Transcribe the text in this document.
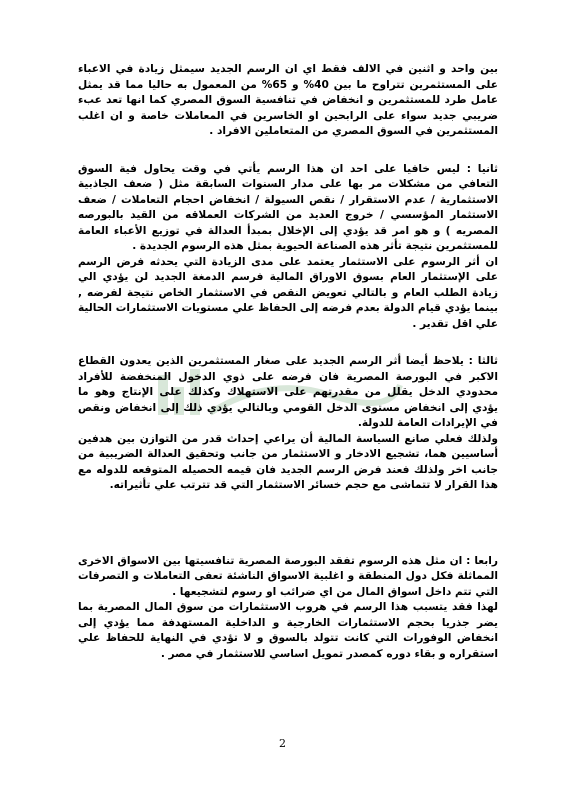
بين واحد و اثنين في الالف فقط اي ان الرسم الجديد سيمثل زيادة في الاعباء على المستثمرين تتراوح ما بين 40% و 65% من المعمول به حاليا مما قد يمثل عامل طرد للمستثمرين و انخفاض في تنافسية السوق المصري كما انها تعد عبء ضريبي جديد سواء على الرابحين او الخاسرين في المعاملات خاصة و ان اغلب المستثمرين في السوق المصري من المتعاملين الافراد .

ثانيا : ليس خافيا على احد ان هذا الرسم يأتي في وقت يحاول فية السوق التعافي من مشكلات مر بها على مدار السنوات السابقة مثل ( ضعف الجاذبية الاستثمارية / عدم الاستقرار / نقص السيولة / انخفاض احجام التعاملات / ضعف الاستثمار المؤسسي / خروج العديد من الشركات العملاقه من القيد بالبورصه المصريه ) و هو امر قد يؤدي إلى الإخلال بمبدأ العدالة في توزيع الأعباء العامة للمستثمرين نتيجة تأثر هذه الصناعة الحيوية بمثل هذه الرسوم الجديدة .

ان أثر الرسوم على الاستثمار يعتمد على مدى الزيادة التي يحدثه فرض الرسم على الإستثمار العام بسوق الاوراق المالية فرسم الدمغة الجديد لن يؤدي الي زيادة الطلب العام و بالتالي تعويض النقص في الاستثمار الخاص نتيجة لفرضه , بينما يؤدي قيام الدولة بعدم فرضه إلى الحفاظ علي مستويات الاستثمارات الحالية علي اقل تقدير .

ثالثا : يلاحظ أيضا أثر الرسم الجديد على صغار المستثمرين الذين يعدون القطاع الاكبر في البورصة المصرية فان فرضه على ذوي الدخول المنخفضة للأفراد محدودي الدخل يقلل من مقدرتهم على الاستهلاك وكذلك على الإنتاج وهو ما يؤدي إلى انخفاض مستوى الدخل القومي وبالتالي يؤدي ذلك إلى انخفاض ونقص في الإيرادات العامة للدولة.

ولذلك فعلي صانع السياسة المالية أن يراعي إحداث قدر من التوازن بين هدفين أساسيين هما، تشجيع الادخار و الاستثمار من جانب وتحقيق العدالة الضريبية من جانب اخر ولذلك فعند فرض الرسم الجديد فان قيمه الحصيله المتوقعه للدوله مع هذا القرار لا تتماشى مع حجم خسائر الاستثمار التي قد تترتب علي تأثيراته.

رابعا : ان مثل هذه الرسوم تفقد البورصة المصرية تنافسيتها بين الاسواق الاخرى المماثلة فكل دول المنطقة و اغلبية الاسواق الناشئة تعفى التعاملات و التصرفات التي تتم داخل اسواق المال من اي ضرائب او رسوم لتشجيعها .

لهذا فقد يتسبب هذا الرسم في هروب الاستثمارات من سوق المال المصرية بما يضر جذريا بحجم الاستثمارات الخارجية و الداخلية المستهدفة مما يؤدي إلى انخفاض الوفورات التي كانت تتولد بالسوق و لا تؤدي في النهاية للحفاظ علي استقراره و بقاء دوره كمصدر تمويل اساسي للاستثمار في مصر .

2
